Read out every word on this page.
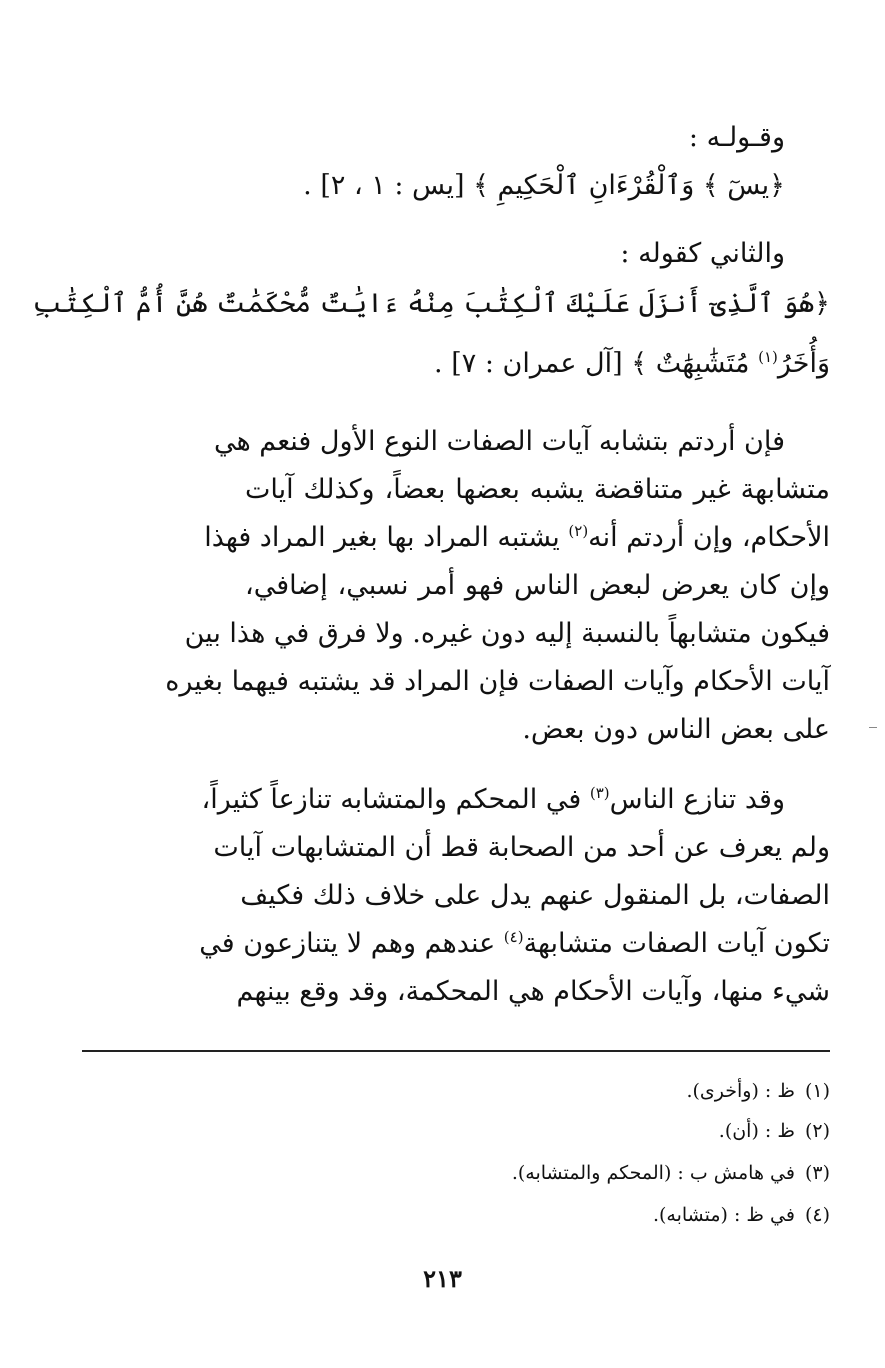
وقـولـه :
﴿يسٓ ﴾ وَٱلْقُرْءَانِ ٱلْحَكِيمِ ﴾ [يس : ١ ، ٢] .
والثاني كقوله :
﴿هُوَ ٱلَّذِىٓ أَنزَلَ عَلَيْكَ ٱلْكِتَٰبَ مِنْهُ ءَايَٰتٌ مُّحْكَمَٰتٌ هُنَّ أُمُّ ٱلْكِتَٰبِ
وَأُخَرُ$^{(١)}$ مُتَشَٰبِهَٰتٌ ﴾ [آل عمران : ٧] .
فإن أردتم بتشابه آيات الصفات النوع الأول فنعم هي
متشابهة غير متناقضة يشبه بعضها بعضاً، وكذلك آيات
الأحكام، وإن أردتم أنه$^{(٢)}$ يشتبه المراد بها بغير المراد فهذا
وإن كان يعرض لبعض الناس فهو أمر نسبي، إضافي،
فيكون متشابهاً بالنسبة إليه دون غيره. ولا فرق في هذا بين
آيات الأحكام وآيات الصفات فإن المراد قد يشتبه فيهما بغيره
على بعض الناس دون بعض.
وقد تنازع الناس$^{(٣)}$ في المحكم والمتشابه تنازعاً كثيراً،
ولم يعرف عن أحد من الصحابة قط أن المتشابهات آيات
الصفات، بل المنقول عنهم يدل على خلاف ذلك فكيف
تكون آيات الصفات متشابهة$^{(٤)}$ عندهم وهم لا يتنازعون في
شيء منها، وآيات الأحكام هي المحكمة، وقد وقع بينهم
(١)ظ : (وأخرى).
(٢)ظ : (أن).
(٣)في هامش ب : (المحكم والمتشابه).
(٤)في ظ : (متشابه).
٢١٣
